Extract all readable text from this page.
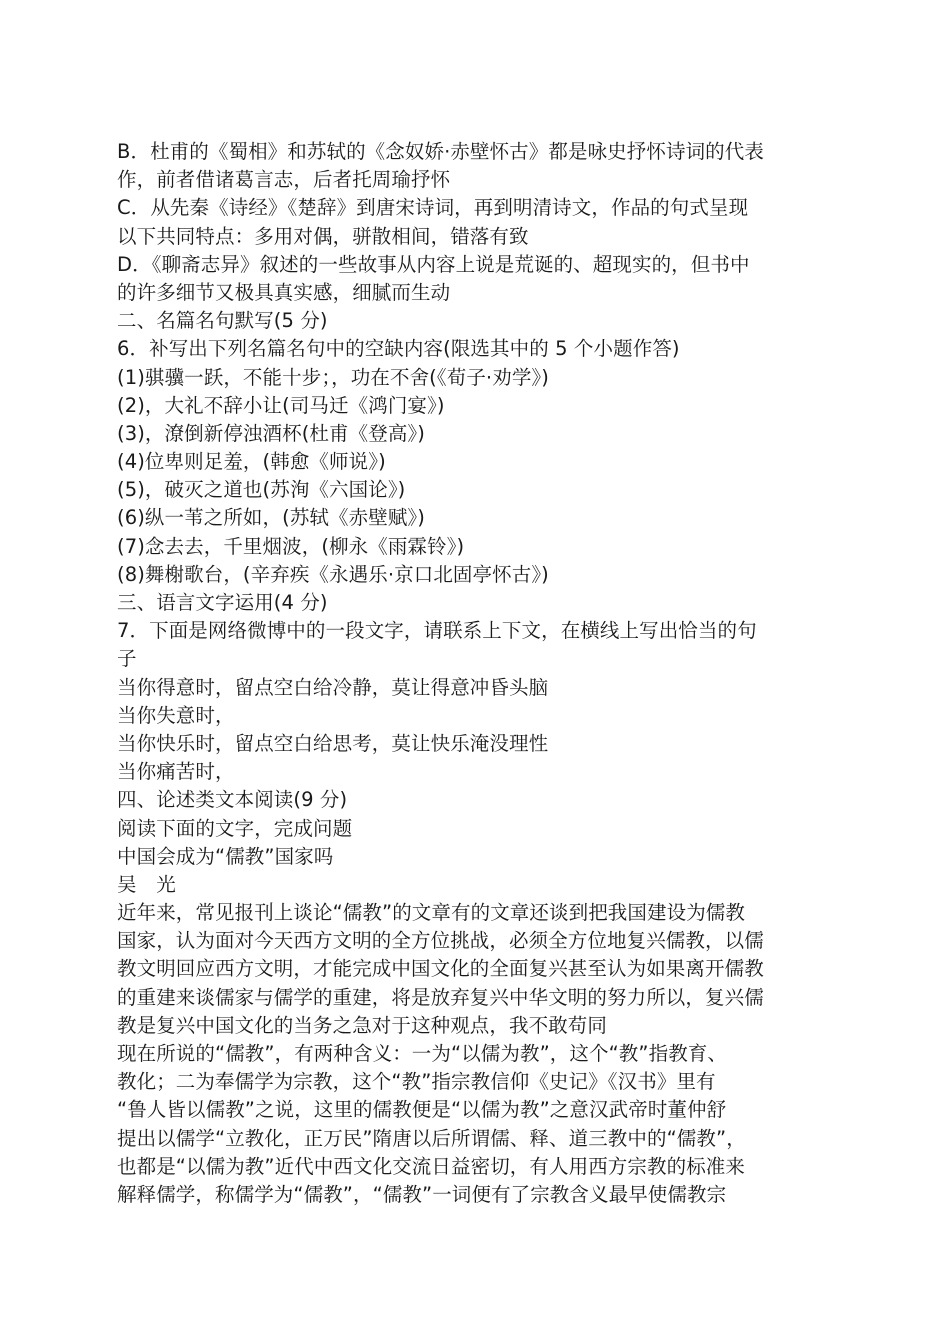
B．杜甫的《蜀相》和苏轼的《念奴娇·赤壁怀古》都是咏史抒怀诗词的代表
作，前者借诸葛言志，后者托周瑜抒怀
C．从先秦《诗经》《楚辞》到唐宋诗词，再到明清诗文，作品的句式呈现
以下共同特点：多用对偶，骈散相间，错落有致
D．《聊斋志异》叙述的一些故事从内容上说是荒诞的、超现实的，但书中
的许多细节又极具真实感，细腻而生动
二、名篇名句默写(5 分)
6．补写出下列名篇名句中的空缺内容(限选其中的 5 个小题作答)
(1)骐骥一跃，不能十步；，功在不舍(《荀子·劝学》)
(2)，大礼不辞小让(司马迁《鸿门宴》)
(3)，潦倒新停浊酒杯(杜甫《登高》)
(4)位卑则足羞，(韩愈《师说》)
(5)，破灭之道也(苏洵《六国论》)
(6)纵一苇之所如，(苏轼《赤壁赋》)
(7)念去去，千里烟波，(柳永《雨霖铃》)
(8)舞榭歌台，(辛弃疾《永遇乐·京口北固亭怀古》)
三、语言文字运用(4 分)
7．下面是网络微博中的一段文字，请联系上下文，在横线上写出恰当的句
子
当你得意时，留点空白给冷静，莫让得意冲昏头脑
当你失意时，
当你快乐时，留点空白给思考，莫让快乐淹没理性
当你痛苦时，
四、论述类文本阅读(9 分)
阅读下面的文字，完成问题
中国会成为“儒教”国家吗
吴　光
近年来，常见报刊上谈论“儒教”的文章有的文章还谈到把我国建设为儒教
国家，认为面对今天西方文明的全方位挑战，必须全方位地复兴儒教，以儒
教文明回应西方文明，才能完成中国文化的全面复兴甚至认为如果离开儒教
的重建来谈儒家与儒学的重建，将是放弃复兴中华文明的努力所以，复兴儒
教是复兴中国文化的当务之急对于这种观点，我不敢苟同
现在所说的“儒教”，有两种含义：一为“以儒为教”，这个“教”指教育、
教化；二为奉儒学为宗教，这个“教”指宗教信仰《史记》《汉书》里有
“鲁人皆以儒教”之说，这里的儒教便是“以儒为教”之意汉武帝时董仲舒
提出以儒学“立教化，正万民”隋唐以后所谓儒、释、道三教中的“儒教”，
也都是“以儒为教”近代中西文化交流日益密切，有人用西方宗教的标准来
解释儒学，称儒学为“儒教”，“儒教”一词便有了宗教含义最早使儒教宗
